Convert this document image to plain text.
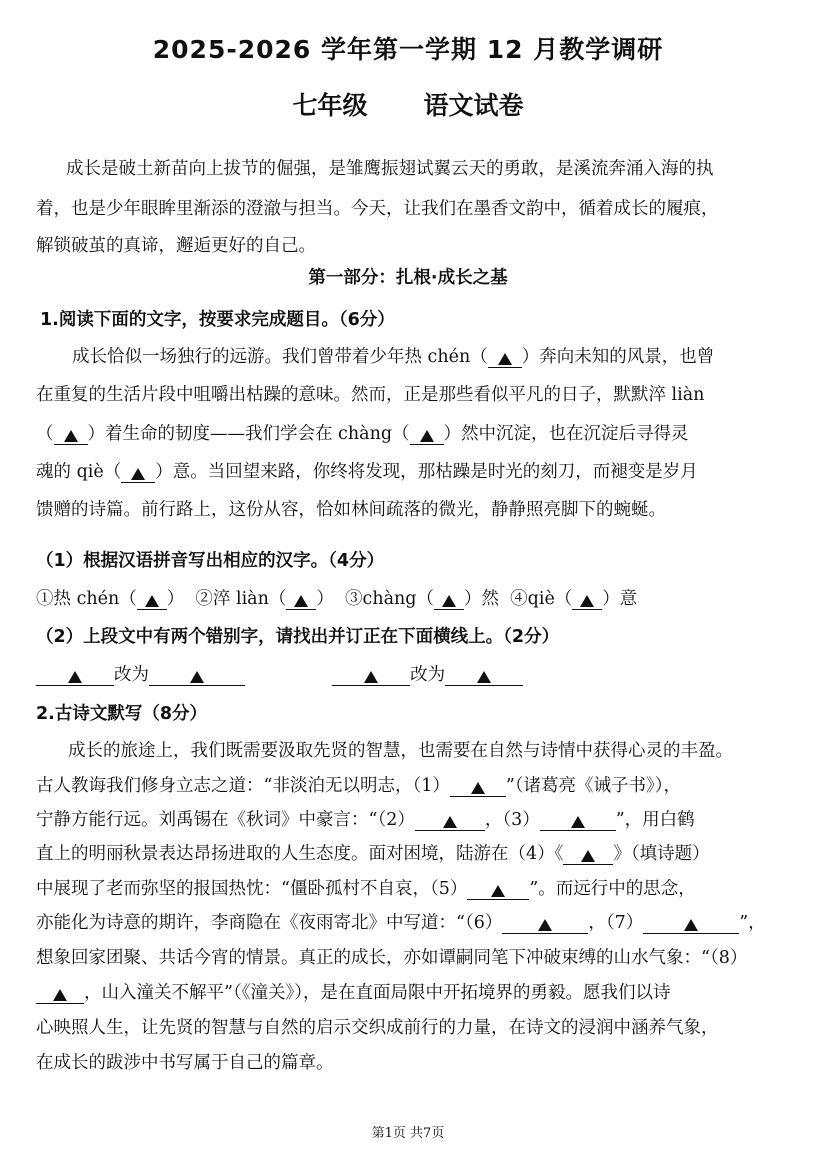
2025-2026 学年第一学期 12 月教学调研
七年级 语文试卷
成长是破土新苗向上拔节的倔强，是雏鹰振翅试翼云天的勇敢，是溪流奔涌入海的执
着，也是少年眼眸里渐添的澄澈与担当。今天，让我们在墨香文韵中，循着成长的履痕，
解锁破茧的真谛，邂逅更好的自己。
第一部分：扎根·成长之基
1.阅读下面的文字，按要求完成题目。（6分）
成长恰似一场独行的远游。我们曾带着少年热 chén（ ）奔向未知的风景，也曾
在重复的生活片段中咀嚼出枯躁的意味。然而，正是那些看似平凡的日子，默默淬 liàn
（ ）着生命的韧度——我们学会在 chàng（ ）然中沉淀，也在沉淀后寻得灵
魂的 qiè（ ）意。当回望来路，你终将发现，那枯躁是时光的刻刀，而褪变是岁月
馈赠的诗篇。前行路上，这份从容，恰如林间疏落的微光，静静照亮脚下的蜿蜒。
（1）根据汉语拼音写出相应的汉字。（4分）
①热 chén（ ） ②淬 liàn（ ） ③chàng（ ）然 ④qiè（ ）意
（2）上段文中有两个错别字，请找出并订正在下面横线上。（2分）
改为	改为
2.古诗文默写（8分）
成长的旅途上，我们既需要汲取先贤的智慧，也需要在自然与诗情中获得心灵的丰盈。
古人教诲我们修身立志之道：“非淡泊无以明志，（1）	”（诸葛亮《诫子书》），
宁静方能行远。刘禹锡在《秋词》中豪言：“（2）	，（3）	”，用白鹤
直上的明丽秋景表达昂扬进取的人生态度。面对困境，陆游在（4）《	》（填诗题）
中展现了老而弥坚的报国热忱：“僵卧孤村不自哀，（5）	”。而远行中的思念，
亦能化为诗意的期许，李商隐在《夜雨寄北》中写道：“（6）	，（7）	”，
想象回家团聚、共话今宵的情景。真正的成长，亦如谭嗣同笔下冲破束缚的山水气象：“（8）
，山入潼关不解平”（《潼关》），是在直面局限中开拓境界的勇毅。愿我们以诗
心映照人生，让先贤的智慧与自然的启示交织成前行的力量，在诗文的浸润中涵养气象，
在成长的跋涉中书写属于自己的篇章。
第1页 共7页
